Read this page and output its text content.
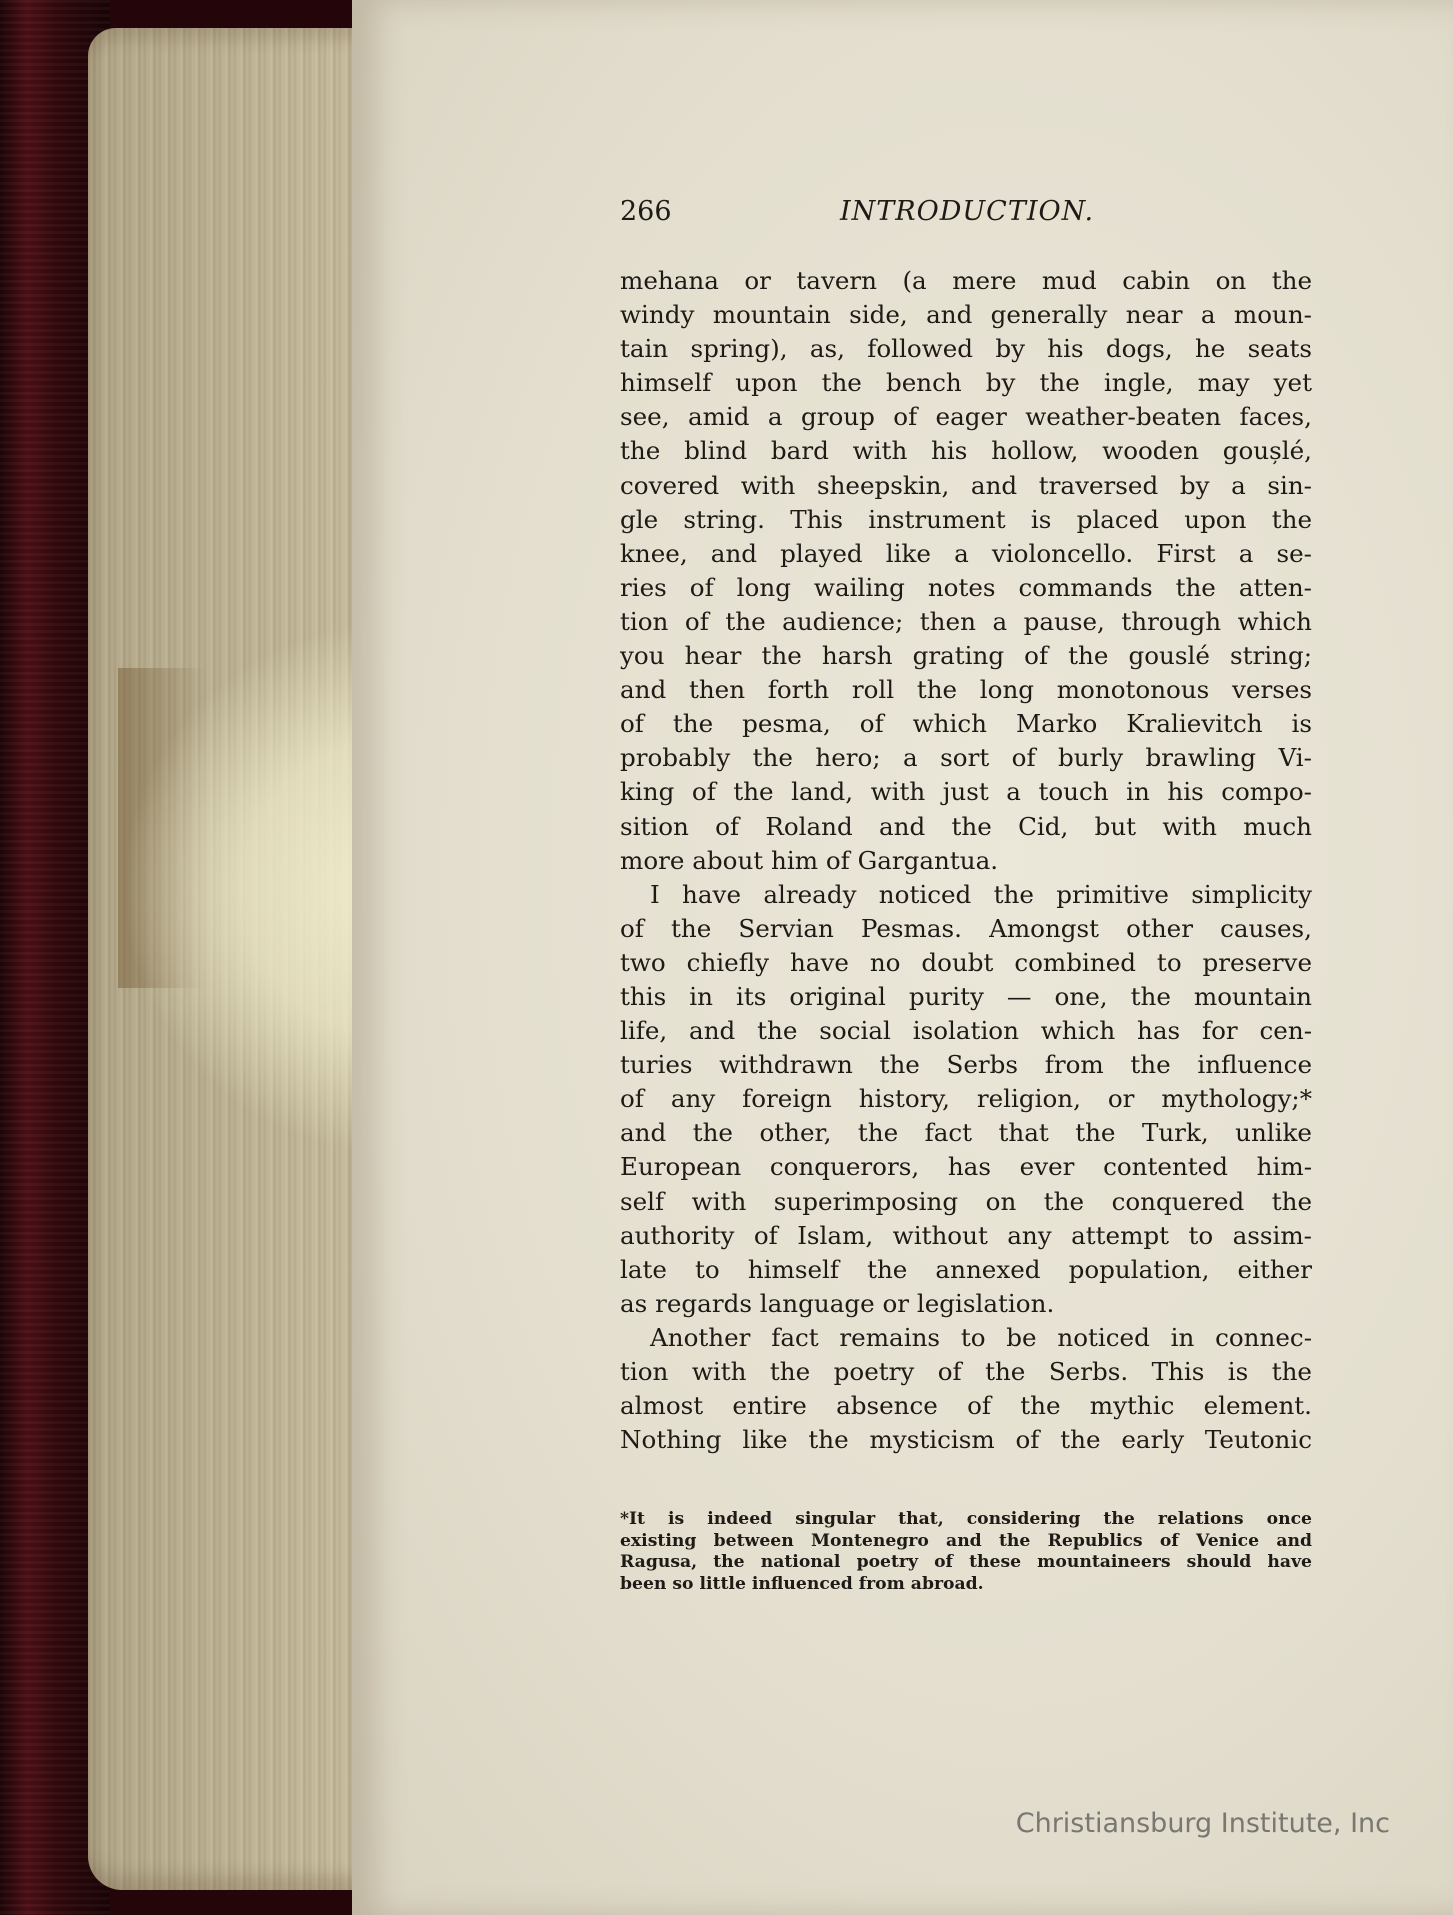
266	INTRODUCTION.
mehana or tavern (a mere mud cabin on the
windy mountain side, and generally near a moun-
tain spring), as, followed by his dogs, he seats
himself upon the bench by the ingle, may yet
see, amid a group of eager weather-beaten faces,
the blind bard with his hollow, wooden goușlé,
covered with sheepskin, and traversed by a sin-
gle string. This instrument is placed upon the
knee, and played like a violoncello. First a se-
ries of long wailing notes commands the atten-
tion of the audience; then a pause, through which
you hear the harsh grating of the gouslé string;
and then forth roll the long monotonous verses
of the pesma, of which Marko Kralievitch is
probably the hero; a sort of burly brawling Vi-
king of the land, with just a touch in his compo-
sition of Roland and the Cid, but with much
more about him of Gargantua.
I have already noticed the primitive simplicity
of the Servian Pesmas. Amongst other causes,
two chiefly have no doubt combined to preserve
this in its original purity — one, the mountain
life, and the social isolation which has for cen-
turies withdrawn the Serbs from the influence
of any foreign history, religion, or mythology;*
and the other, the fact that the Turk, unlike
European conquerors, has ever contented him-
self with superimposing on the conquered the
authority of Islam, without any attempt to assim-
late to himself the annexed population, either
as regards language or legislation.
Another fact remains to be noticed in connec-
tion with the poetry of the Serbs. This is the
almost entire absence of the mythic element.
Nothing like the mysticism of the early Teutonic
*It is indeed singular that, considering the relations once
existing between Montenegro and the Republics of Venice and
Ragusa, the national poetry of these mountaineers should have
been so little influenced from abroad.
Christiansburg Institute, Inc
